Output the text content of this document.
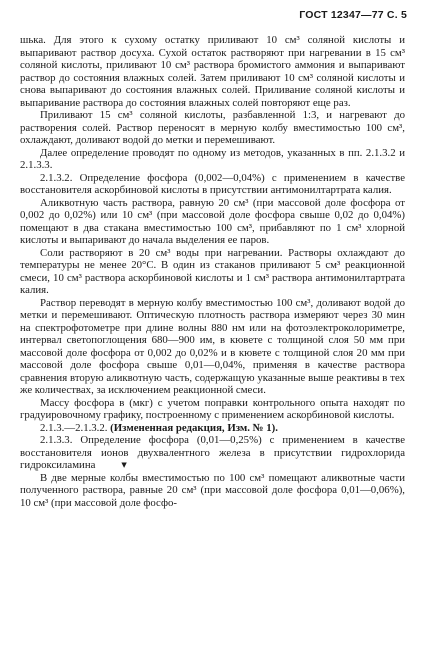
ГОСТ 12347—77 С. 5

шька. Для этого к сухому остатку приливают 10 см³ соляной кислоты и выпаривают раствор досуха. Сухой остаток растворяют при нагревании в 15 см³ соляной кислоты, приливают 10 см³ раствора бромистого аммония и выпаривают раствор до состояния влажных солей. Затем приливают 10 см³ соляной кислоты и снова выпаривают до состояния влажных солей. Приливание соляной кислоты и выпаривание раствора до состояния влажных солей повторяют еще раз.

Приливают 15 см³ соляной кислоты, разбавленной 1:3, и нагревают до растворения солей. Раствор переносят в мерную колбу вместимостью 100 см³, охлаждают, доливают водой до метки и перемешивают.

Далее определение проводят по одному из методов, указанных в пп. 2.1.3.2 и 2.1.3.3.

2.1.3.2. Определение фосфора (0,002—0,04%) с применением в качестве восстановителя аскорбиновой кислоты в присутствии антимонилтартрата калия.

Аликвотную часть раствора, равную 20 см³ (при массовой доле фосфора от 0,002 до 0,02%) или 10 см³ (при массовой доле фосфора свыше 0,02 до 0,04%) помещают в два стакана вместимостью 100 см³, прибавляют по 1 см³ хлорной кислоты и выпаривают до начала выделения ее паров.

Соли растворяют в 20 см³ воды при нагревании. Растворы охлаждают до температуры не менее 20°С. В один из стаканов приливают 5 см³ реакционной смеси, 10 см³ раствора аскорбиновой кислоты и 1 см³ раствора антимонилтартрата калия.

Раствор переводят в мерную колбу вместимостью 100 см³, доливают водой до метки и перемешивают. Оптическую плотность раствора измеряют через 30 мин на спектрофотометре при длине волны 880 нм или на фотоэлектроколориметре, интервал светопоглощения 680—900 им, в кювете с толщиной слоя 50 мм при массовой доле фосфора от 0,002 до 0,02% и в кювете с толщиной слоя 20 мм при массовой доле фосфора свыше 0,01—0,04%, применяя в качестве раствора сравнения вторую аликвотную часть, содержащую указанные выше реактивы в тех же количествах, за исключением реакционной смеси.

Массу фосфора в (мкг) с учетом поправки контрольного опыта находят по градуировочному графику, построенному с применением аскорбиновой кислоты.

2.1.3.—2.1.3.2. (Измененная редакция, Изм. № 1).

2.1.3.3. Определение фосфора (0,01—0,25%) с применением в качестве восстановителя ионов двухвалентного железа в присутствии гидрохлорида гидроксиламина ▾

В две мерные колбы вместимостью по 100 см³ помещают аликвотные части полученного раствора, равные 20 см³ (при массовой доле фосфора 0,01—0,06%), 10 см³ (при массовой доле фосфо-
